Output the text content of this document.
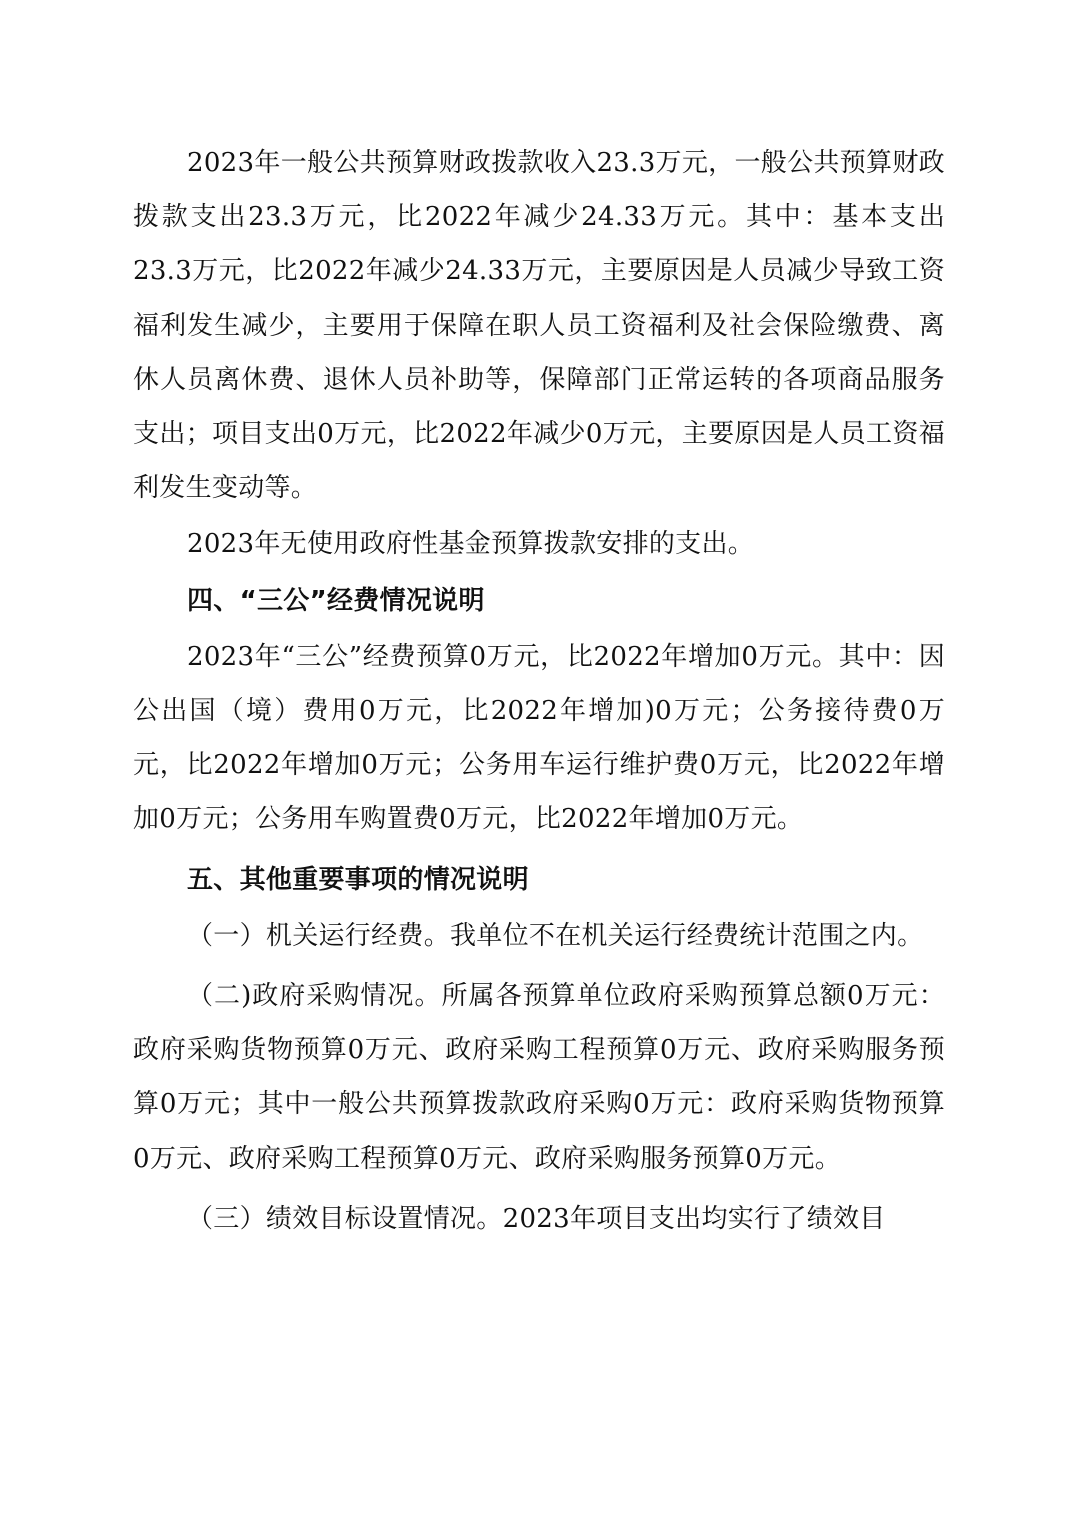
2023年一般公共预算财政拨款收入23.3万元，一般公共预算财政拨款支出23.3万元，比2022年减少24.33万元。其中：基本支出23.3万元，比2022年减少24.33万元，主要原因是人员减少导致工资福利发生减少，主要用于保障在职人员工资福利及社会保险缴费、离休人员离休费、退休人员补助等，保障部门正常运转的各项商品服务支出；项目支出0万元，比2022年减少0万元，主要原因是人员工资福利发生变动等。

2023年无使用政府性基金预算拨款安排的支出。

四、“三公”经费情况说明

2023年“三公”经费预算0万元，比2022年增加0万元。其中：因公出国（境）费用0万元，比2022年增加)0万元；公务接待费0万元，比2022年增加0万元；公务用车运行维护费0万元，比2022年增加0万元；公务用车购置费0万元，比2022年增加0万元。

五、其他重要事项的情况说明

（一）机关运行经费。我单位不在机关运行经费统计范围之内。

（二)政府采购情况。所属各预算单位政府采购预算总额0万元：政府采购货物预算0万元、政府采购工程预算0万元、政府采购服务预算0万元；其中一般公共预算拨款政府采购0万元：政府采购货物预算0万元、政府采购工程预算0万元、政府采购服务预算0万元。

（三）绩效目标设置情况。2023年项目支出均实行了绩效目
